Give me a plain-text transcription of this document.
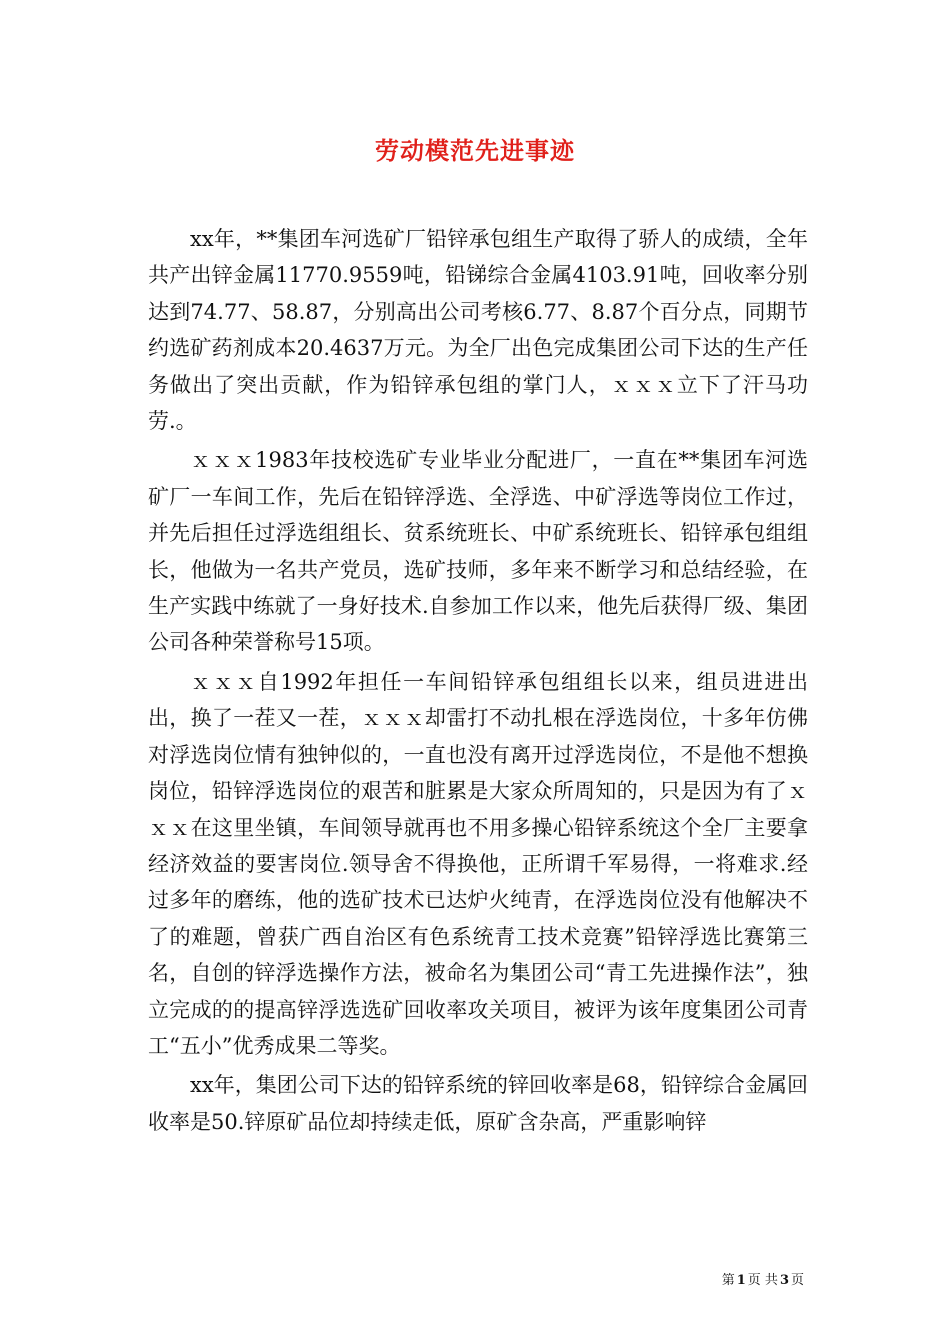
劳动模范先进事迹

xx年，**集团车河选矿厂铅锌承包组生产取得了骄人的成绩，全年共产出锌金属11770.9559吨，铅锑综合金属4103.91吨，回收率分别达到74.77、58.87，分别高出公司考核6.77、8.87个百分点，同期节约选矿药剂成本20.4637万元。为全厂出色完成集团公司下达的生产任务做出了突出贡献，作为铅锌承包组的掌门人，ｘｘｘ立下了汗马功劳.。

ｘｘｘ1983年技校选矿专业毕业分配进厂，一直在**集团车河选矿厂一车间工作，先后在铅锌浮选、全浮选、中矿浮选等岗位工作过，并先后担任过浮选组组长、贫系统班长、中矿系统班长、铅锌承包组组长，他做为一名共产党员，选矿技师，多年来不断学习和总结经验，在生产实践中练就了一身好技术.自参加工作以来，他先后获得厂级、集团公司各种荣誉称号15项。

ｘｘｘ自1992年担任一车间铅锌承包组组长以来，组员进进出出，换了一茬又一茬，ｘｘｘ却雷打不动扎根在浮选岗位，十多年仿佛对浮选岗位情有独钟似的，一直也没有离开过浮选岗位，不是他不想换岗位，铅锌浮选岗位的艰苦和脏累是大家众所周知的，只是因为有了ｘｘｘ在这里坐镇，车间领导就再也不用多操心铅锌系统这个全厂主要拿经济效益的要害岗位.领导舍不得换他，正所谓千军易得，一将难求.经过多年的磨练，他的选矿技术已达炉火纯青，在浮选岗位没有他解决不了的难题，曾获广西自治区有色系统青工技术竞赛”铅锌浮选比赛第三名，自创的锌浮选操作方法，被命名为集团公司“青工先进操作法”，独立完成的的提高锌浮选选矿回收率攻关项目，被评为该年度集团公司青工“五小”优秀成果二等奖。

xx年，集团公司下达的铅锌系统的锌回收率是68，铅锌综合金属回收率是50.锌原矿品位却持续走低，原矿含杂高，严重影响锌

第 1 页 共 3 页
